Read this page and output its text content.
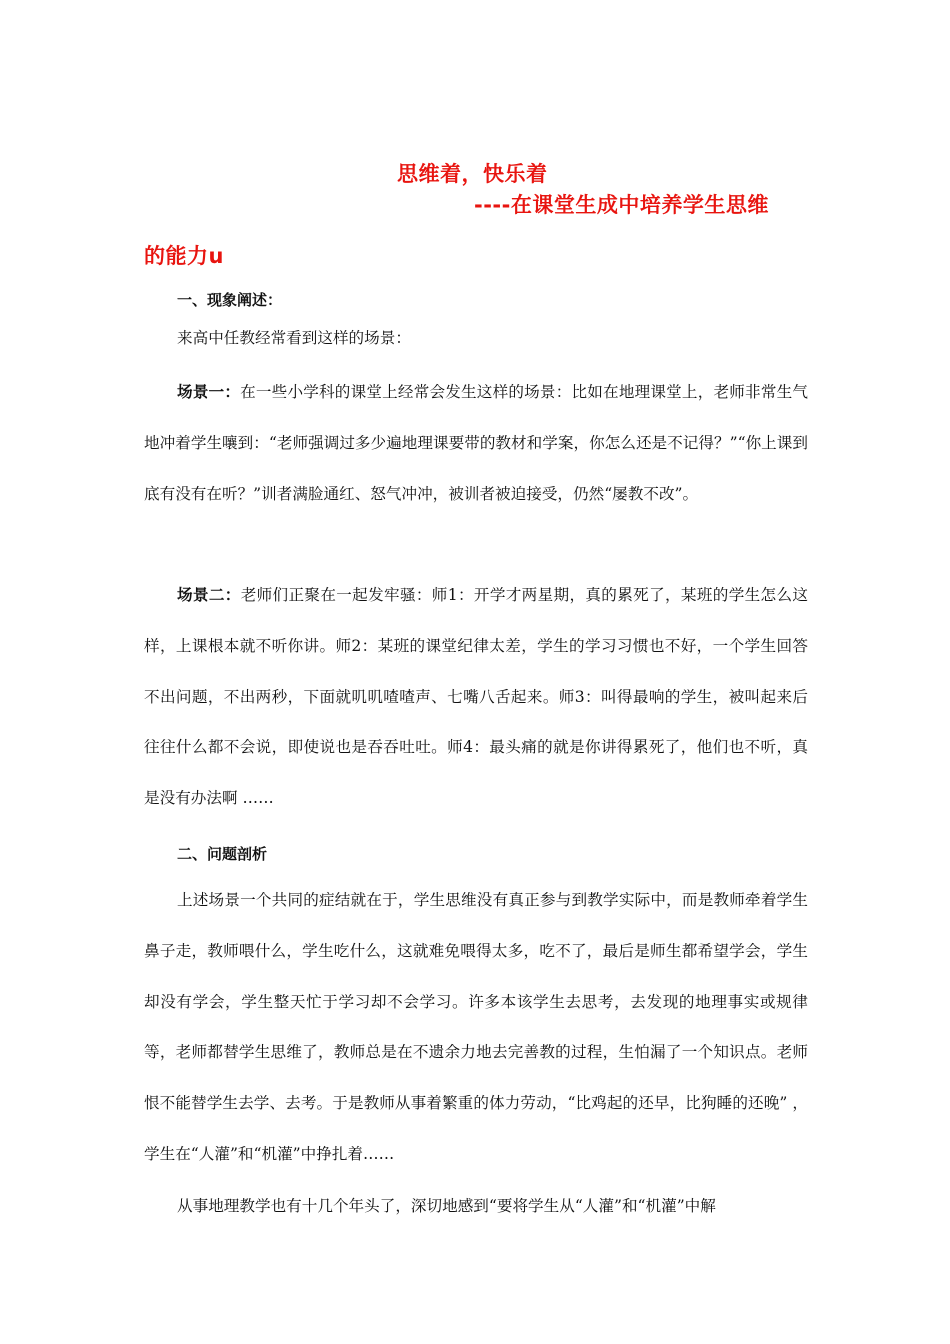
思维着，快乐着
----在课堂生成中培养学生思维
的能力u
一、现象阐述：

来高中任教经常看到这样的场景：

场景一：在一些小学科的课堂上经常会发生这样的场景：比如在地理课堂上，老师非常生气地冲着学生嚷到：“老师强调过多少遍地理课要带的教材和学案，你怎么还是不记得？”“你上课到底有没有在听？”训者满脸通红、怒气冲冲，被训者被迫接受，仍然“屡教不改”。

场景二：老师们正聚在一起发牢骚：师1：开学才两星期，真的累死了，某班的学生怎么这样，上课根本就不听你讲。师2：某班的课堂纪律太差，学生的学习习惯也不好，一个学生回答不出问题，不出两秒，下面就叽叽喳喳声、七嘴八舌起来。师3：叫得最响的学生，被叫起来后往往什么都不会说，即使说也是吞吞吐吐。师4：最头痛的就是你讲得累死了，他们也不听，真是没有办法啊 ……

二、问题剖析

上述场景一个共同的症结就在于，学生思维没有真正参与到教学实际中，而是教师牵着学生鼻子走，教师喂什么，学生吃什么，这就难免喂得太多，吃不了，最后是师生都希望学会，学生却没有学会，学生整天忙于学习却不会学习。许多本该学生去思考，去发现的地理事实或规律等，老师都替学生思维了，教师总是在不遗余力地去完善教的过程，生怕漏了一个知识点。老师恨不能替学生去学、去考。于是教师从事着繁重的体力劳动，“比鸡起的还早，比狗睡的还晚” ，学生在“人灌”和“机灌”中挣扎着……

从事地理教学也有十几个年头了，深切地感到“要将学生从“人灌”和“机灌”中解
